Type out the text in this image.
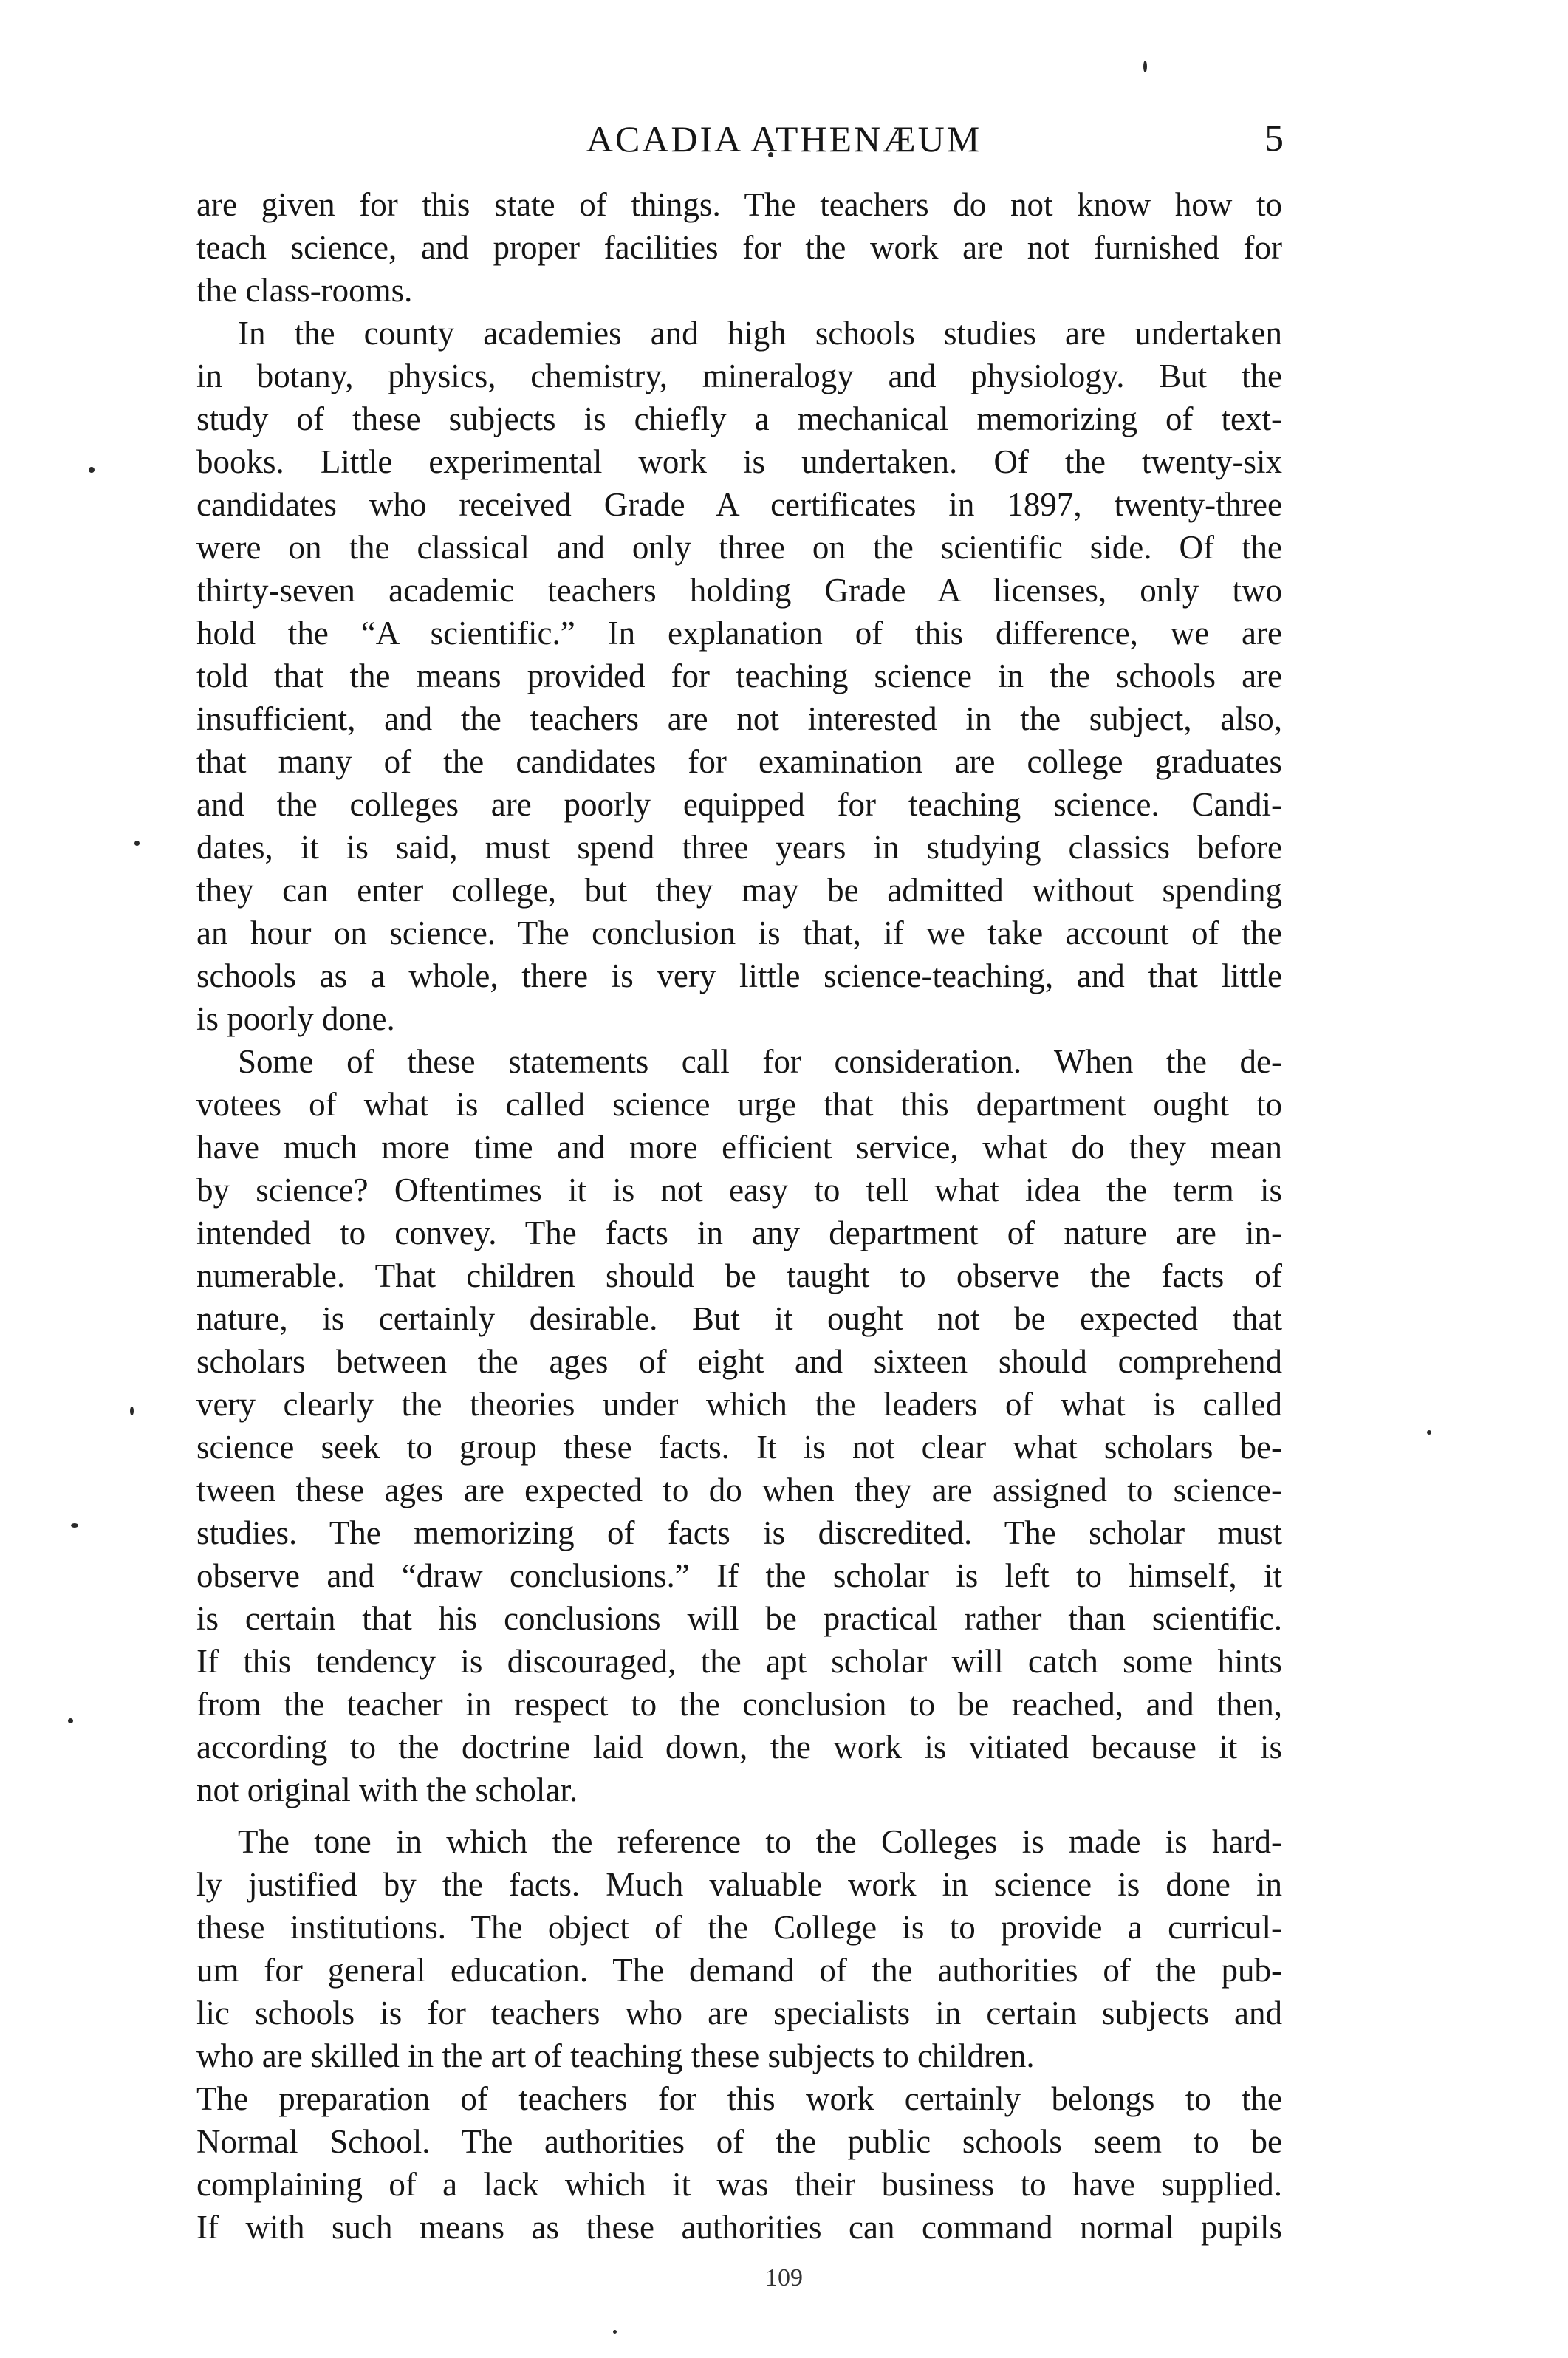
ACADIA ATHENÆUM	5
are given for this state of things. The teachers do not know how to
teach science, and proper facilities for the work are not furnished for
the class-rooms.
In the county academies and high schools studies are undertaken
in botany, physics, chemistry, mineralogy and physiology. But the
study of these subjects is chiefly a mechanical memorizing of text-
books. Little experimental work is undertaken. Of the twenty-six
candidates who received Grade A certificates in 1897, twenty-three
were on the classical and only three on the scientific side. Of the
thirty-seven academic teachers holding Grade A licenses, only two
hold the “A scientific.” In explanation of this difference, we are
told that the means provided for teaching science in the schools are
insufficient, and the teachers are not interested in the subject, also,
that many of the candidates for examination are college graduates
and the colleges are poorly equipped for teaching science. Candi-
dates, it is said, must spend three years in studying classics before
they can enter college, but they may be admitted without spending
an hour on science. The conclusion is that, if we take account of the
schools as a whole, there is very little science-teaching, and that little
is poorly done.
Some of these statements call for consideration. When the de-
votees of what is called science urge that this department ought to
have much more time and more efficient service, what do they mean
by science? Oftentimes it is not easy to tell what idea the term is
intended to convey. The facts in any department of nature are in-
numerable. That children should be taught to observe the facts of
nature, is certainly desirable. But it ought not be expected that
scholars between the ages of eight and sixteen should comprehend
very clearly the theories under which the leaders of what is called
science seek to group these facts. It is not clear what scholars be-
tween these ages are expected to do when they are assigned to science-
studies. The memorizing of facts is discredited. The scholar must
observe and “draw conclusions.” If the scholar is left to himself, it
is certain that his conclusions will be practical rather than scientific.
If this tendency is discouraged, the apt scholar will catch some hints
from the teacher in respect to the conclusion to be reached, and then,
according to the doctrine laid down, the work is vitiated because it is
not original with the scholar.
The tone in which the reference to the Colleges is made is hard-
ly justified by the facts. Much valuable work in science is done in
these institutions. The object of the College is to provide a curricul-
um for general education. The demand of the authorities of the pub-
lic schools is for teachers who are specialists in certain subjects and
who are skilled in the art of teaching these subjects to children.
The preparation of teachers for this work certainly belongs to the
Normal School. The authorities of the public schools seem to be
complaining of a lack which it was their business to have supplied.
If with such means as these authorities can command normal pupils
109
